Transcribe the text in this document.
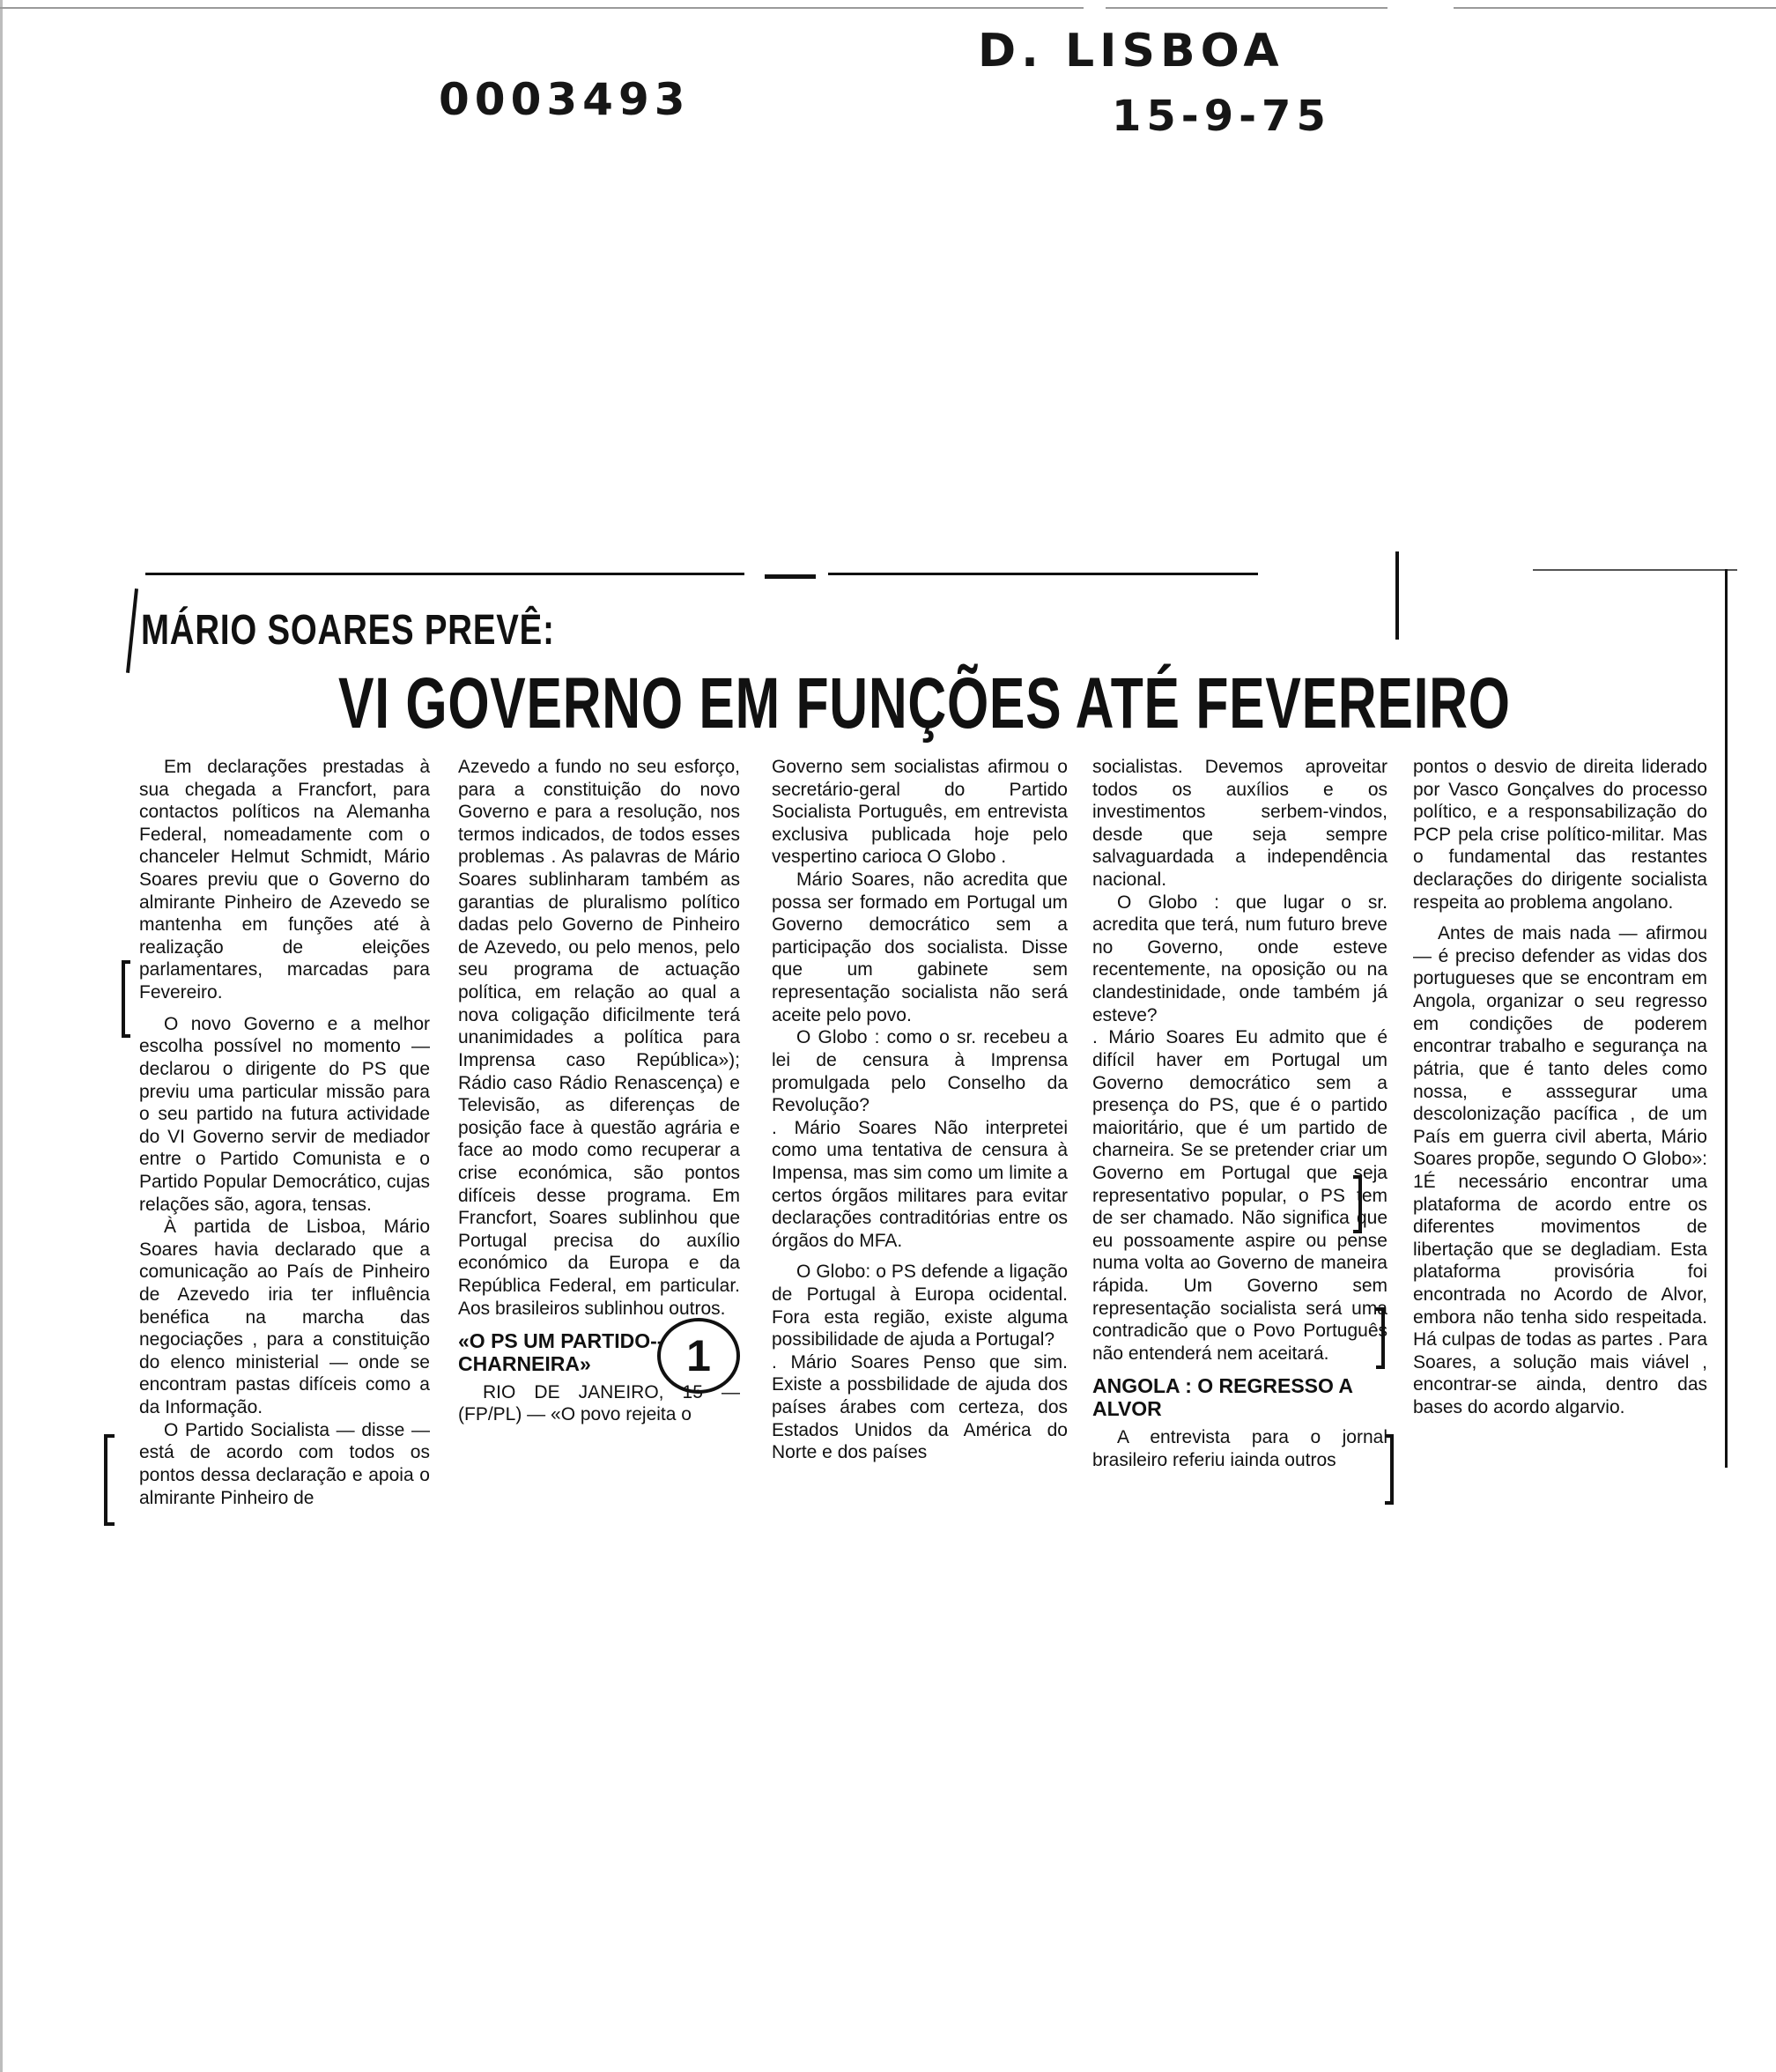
0003493
D. LISBOA
15-9-75
MÁRIO SOARES PREVÊ:
VI GOVERNO EM FUNÇÕES ATÉ FEVEREIRO

Em declarações prestadas à sua chegada a Francfort, para contactos políticos na Alemanha Federal, nomeadamente com o chanceler Helmut Schmidt, Mário Soares previu que o Governo do almirante Pinheiro de Azevedo se mantenha em funções até à realização de eleições parlamentares, marcadas para Fevereiro.

O novo Governo e a melhor escolha possível no momento — declarou o dirigente do PS que previu uma particular missão para o seu partido na futura actividade do VI Governo servir de mediador entre o Partido Comunista e o Partido Popular Democrático, cujas relações são, agora, tensas.

À partida de Lisboa, Mário Soares havia declarado que a comunicação ao País de Pinheiro de Azevedo iria ter influência benéfica na marcha das negociações , para a constituição do elenco ministerial — onde se encontram pastas difíceis como a da Informação.

O Partido Socialista — disse — está de acordo com todos os pontos dessa declaração e apoia o almirante Pinheiro de

Azevedo a fundo no seu esforço, para a constituição do novo Governo e para a resolução, nos termos indicados, de todos esses problemas . As palavras de Mário Soares sublinharam também as garantias de pluralismo político dadas pelo Governo de Pinheiro de Azevedo, ou pelo menos, pelo seu programa de actuação política, em relação ao qual a nova coligação dificilmente terá unanimidades a política para Imprensa caso República»); Rádio caso Rádio Renascença) e Televisão, as diferenças de posição face à questão agrária e face ao modo como recuperar a crise económica, são pontos difíceis desse programa. Em Francfort, Soares sublinhou que Portugal precisa do auxílio económico da Europa e da República Federal, em particular. Aos brasileiros sublinhou outros.

«O PS UM PARTIDO--CHARNEIRA»

RIO DE JANEIRO, 15 — (FP/PL) — «O povo rejeita o

Governo sem socialistas afirmou o secretário-geral do Partido Socialista Português, em entrevista exclusiva publicada hoje pelo vespertino carioca O Globo .

Mário Soares, não acredita que possa ser formado em Portugal um Governo democrático sem a participação dos socialista. Disse que um gabinete sem representação socialista não será aceite pelo povo.

O Globo : como o sr. recebeu a lei de censura à Imprensa promulgada pelo Conselho da Revolução?

. Mário Soares Não interpretei como uma tentativa de censura à Impensa, mas sim como um limite a certos órgãos militares para evitar declarações contraditórias entre os órgãos do MFA.

O Globo: o PS defende a ligação de Portugal à Europa ocidental. Fora esta região, existe alguma possibilidade de ajuda a Portugal?

. Mário Soares Penso que sim. Existe a possbilidade de ajuda dos países árabes com certeza, dos Estados Unidos da América do Norte e dos países

socialistas. Devemos aproveitar todos os auxílios e os investimentos serbem-vindos, desde que seja sempre salvaguardada a independência nacional.

O Globo : que lugar o sr. acredita que terá, num futuro breve no Governo, onde esteve recentemente, na oposição ou na clandestinidade, onde também já esteve?

. Mário Soares Eu admito que é difícil haver em Portugal um Governo democrático sem a presença do PS, que é o partido maioritário, que é um partido de charneira. Se se pretender criar um Governo em Portugal que seja representativo popular, o PS tem de ser chamado. Não significa que eu possoamente aspire ou pense numa volta ao Governo de maneira rápida. Um Governo sem representação socialista será uma contradicão que o Povo Português não entenderá nem aceitará.

ANGOLA : O REGRESSO A ALVOR

A entrevista para o jornal brasileiro referiu iainda outros

pontos o desvio de direita liderado por Vasco Gonçalves do processo político, e a responsabilização do PCP pela crise político-militar. Mas o fundamental das restantes declarações do dirigente socialista respeita ao problema angolano.

Antes de mais nada — afirmou — é preciso defender as vidas dos portugueses que se encontram em Angola, organizar o seu regresso em condições de poderem encontrar trabalho e segurança na pátria, que é tanto deles como nossa, e asssegurar uma descolonização pacífica , de um País em guerra civil aberta, Mário Soares propõe, segundo O Globo»: 1É necessário encontrar uma plataforma de acordo entre os diferentes movimentos de libertação que se degladiam. Esta plataforma provisória foi encontrada no Acordo de Alvor, embora não tenha sido respeitada. Há culpas de todas as partes . Para Soares, a solução mais viável , encontrar-se ainda, dentro das bases do acordo algarvio.

1
